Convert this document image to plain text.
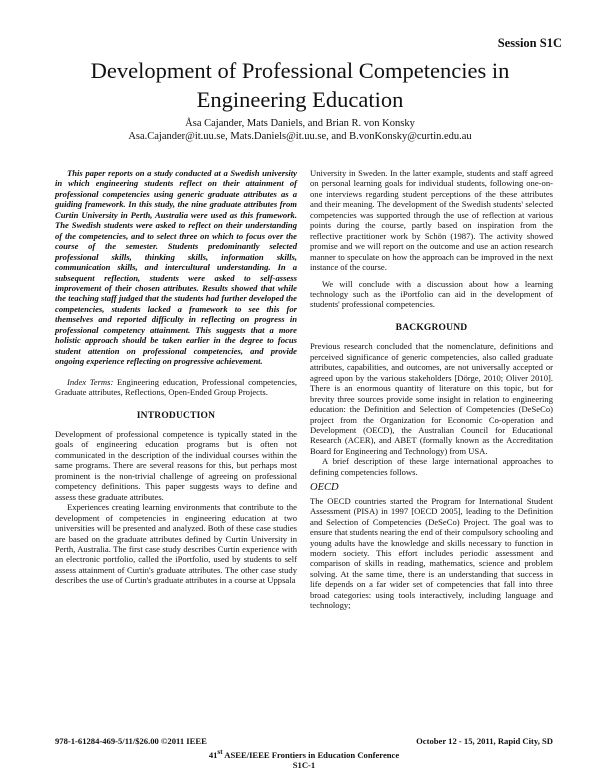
Session S1C
Development of Professional Competencies in
Engineering Education
Åsa Cajander, Mats Daniels, and Brian R. von Konsky
Asa.Cajander@it.uu.se, Mats.Daniels@it.uu.se, and B.vonKonsky@curtin.edu.au

This paper reports on a study conducted at a Swedish university in which engineering students reflect on their attainment of professional competencies using generic graduate attributes as a guiding framework. In this study, the nine graduate attributes from Curtin University in Perth, Australia were used as this framework. The Swedish students were asked to reflect on their understanding of the competencies, and to select three on which to focus over the course of the semester. Students predominantly selected professional skills, thinking skills, information skills, communication skills, and intercultural understanding. In a subsequent reflection, students were asked to self-assess improvement of their chosen attributes. Results showed that while the teaching staff judged that the students had further developed the competencies, students lacked a framework to see this for themselves and reported difficulty in reflecting on progress in professional competency attainment. This suggests that a more holistic approach should be taken earlier in the degree to focus student attention on professional competencies, and provide ongoing experience reflecting on progressive achievement.

Index Terms: Engineering education, Professional competencies, Graduate attributes, Reflections, Open-Ended Group Projects.

INTRODUCTION

Development of professional competence is typically stated in the goals of engineering education programs but is often not communicated in the description of the individual courses within the same programs. There are several reasons for this, but perhaps most prominent is the non-trivial challenge of agreeing on professional competency definitions. This paper suggests ways to define and assess these graduate attributes.

Experiences creating learning environments that contribute to the development of competencies in engineering education at two universities will be presented and analyzed. Both of these case studies are based on the graduate attributes defined by Curtin University in Perth, Australia. The first case study describes Curtin experience with an electronic portfolio, called the iPortfolio, used by students to self assess attainment of Curtin's graduate attributes. The other case study describes the use of Curtin's graduate attributes in a course at Uppsala

University in Sweden. In the latter example, students and staff agreed on personal learning goals for individual students, following one-on-one interviews regarding student perceptions of the these attributes and their meaning. The development of the Swedish students' selected competencies was supported through the use of reflection at various points during the course, partly based on inspiration from the reflective practitioner work by Schön (1987). The activity showed promise and we will report on the outcome and use an action research manner to speculate on how the approach can be improved in the next instance of the course.

We will conclude with a discussion about how a learning technology such as the iPortfolio can aid in the development of students' professional competencies.

BACKGROUND

Previous research concluded that the nomenclature, definitions and perceived significance of generic competencies, also called graduate attributes, capabilities, and outcomes, are not universally accepted or agreed upon by the various stakeholders [Dörge, 2010; Oliver 2010]. There is an enormous quantity of literature on this topic, but for brevity three sources provide some insight in relation to engineering education: the Definition and Selection of Competencies (DeSeCo) project from the Organization for Economic Co-operation and Development (OECD), the Australian Council for Educational Research (ACER), and ABET (formally known as the Accreditation Board for Engineering and Technology) from USA.

A brief description of these large international approaches to defining competencies follows.

OECD

The OECD countries started the Program for International Student Assessment (PISA) in 1997 [OECD 2005], leading to the Definition and Selection of Competencies (DeSeCo) Project. The goal was to ensure that students nearing the end of their compulsory schooling and young adults have the knowledge and skills necessary to function in modern society. This effort includes periodic assessment and comparison of skills in reading, mathematics, science and problem solving. At the same time, there is an understanding that success in life depends on a far wider set of competencies that fall into three broad categories: using tools interactively, including language and technology;

978-1-61284-469-5/11/$26.00 ©2011 IEEE	October 12 - 15, 2011, Rapid City, SD
41st ASEE/IEEE Frontiers in Education Conference
S1C-1
